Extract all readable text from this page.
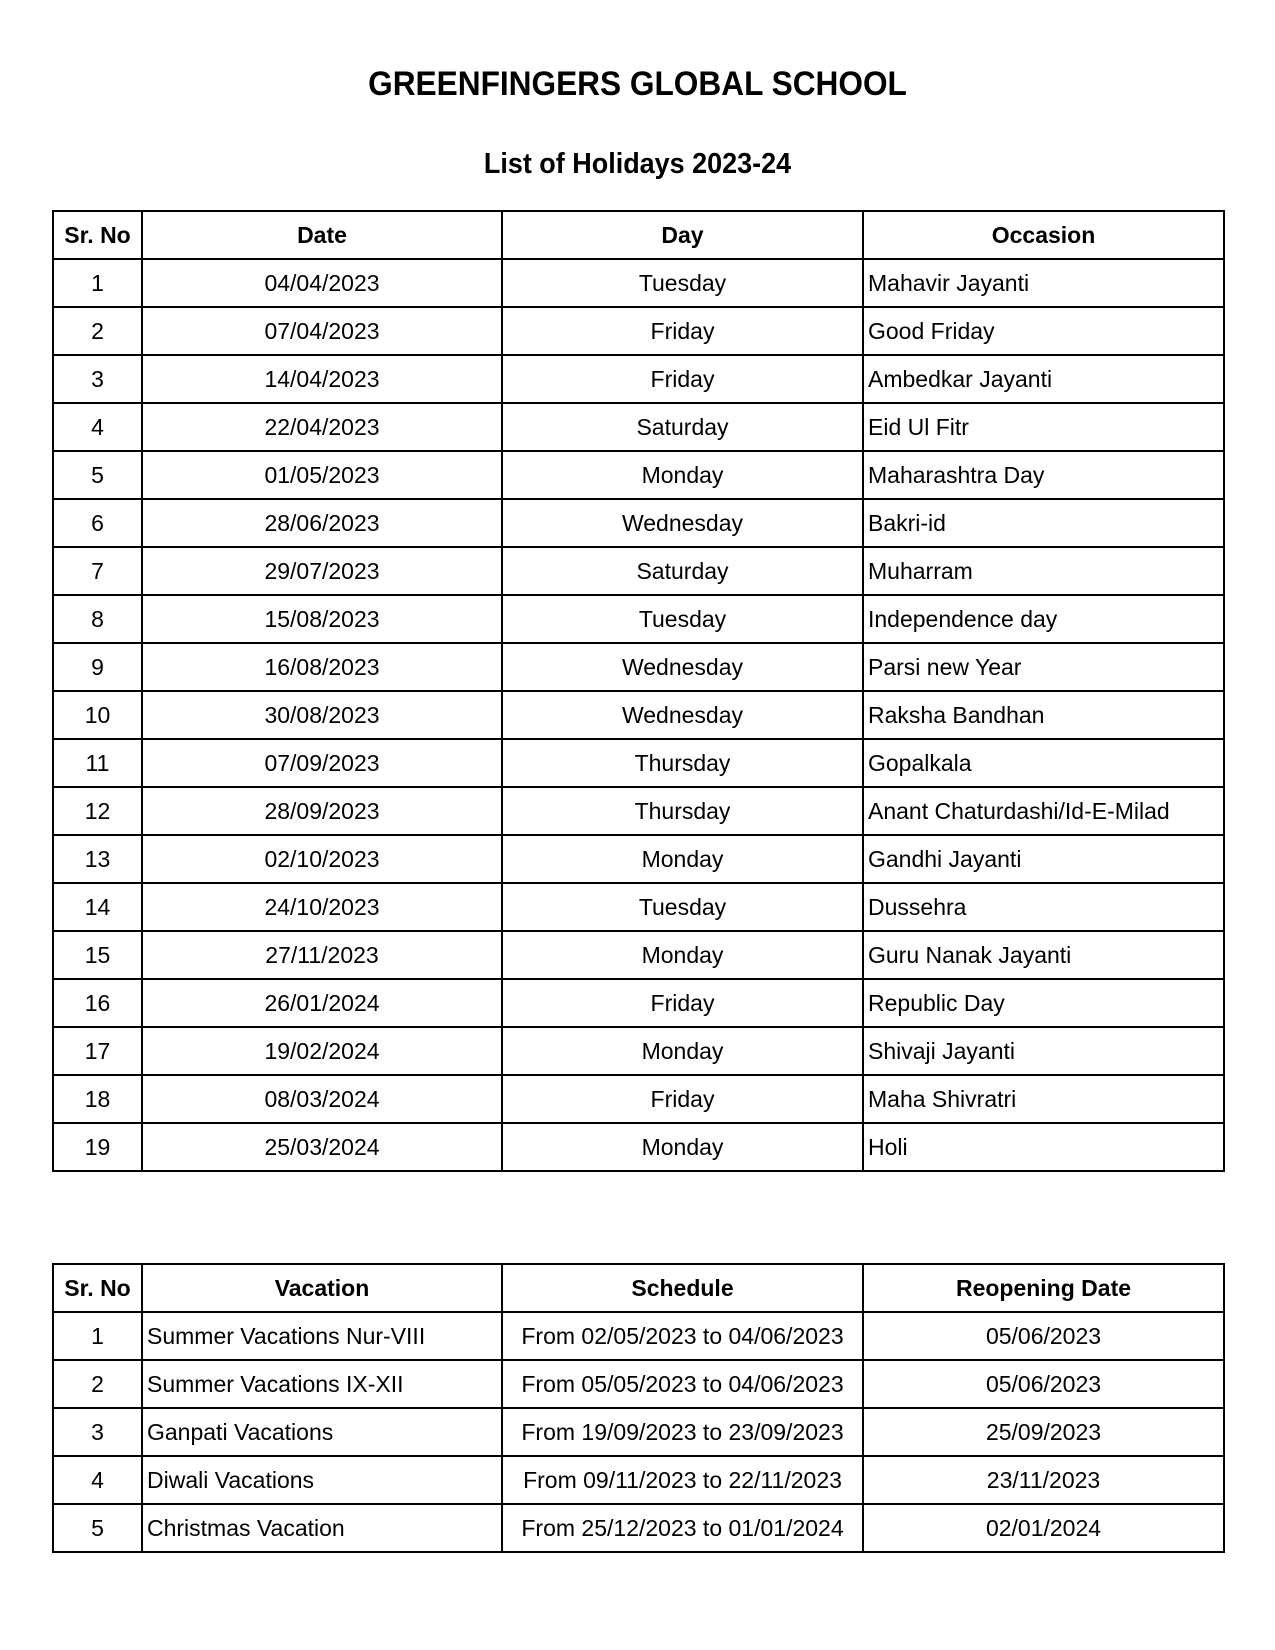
GREENFINGERS GLOBAL SCHOOL
List of Holidays 2023-24
Sr. No	Date	Day	Occasion
1	04/04/2023	Tuesday	Mahavir Jayanti
2	07/04/2023	Friday	Good Friday
3	14/04/2023	Friday	Ambedkar Jayanti
4	22/04/2023	Saturday	Eid Ul Fitr
5	01/05/2023	Monday	Maharashtra Day
6	28/06/2023	Wednesday	Bakri-id
7	29/07/2023	Saturday	Muharram
8	15/08/2023	Tuesday	Independence day
9	16/08/2023	Wednesday	Parsi new Year
10	30/08/2023	Wednesday	Raksha Bandhan
11	07/09/2023	Thursday	Gopalkala
12	28/09/2023	Thursday	Anant Chaturdashi/Id-E-Milad
13	02/10/2023	Monday	Gandhi Jayanti
14	24/10/2023	Tuesday	Dussehra
15	27/11/2023	Monday	Guru Nanak Jayanti
16	26/01/2024	Friday	Republic Day
17	19/02/2024	Monday	Shivaji Jayanti
18	08/03/2024	Friday	Maha Shivratri
19	25/03/2024	Monday	Holi
Sr. No	Vacation	Schedule	Reopening Date
1	Summer Vacations Nur-VIII	From 02/05/2023 to 04/06/2023	05/06/2023
2	Summer Vacations IX-XII	From 05/05/2023 to 04/06/2023	05/06/2023
3	Ganpati Vacations	From 19/09/2023 to 23/09/2023	25/09/2023
4	Diwali Vacations	From 09/11/2023 to 22/11/2023	23/11/2023
5	Christmas Vacation	From 25/12/2023 to 01/01/2024	02/01/2024
